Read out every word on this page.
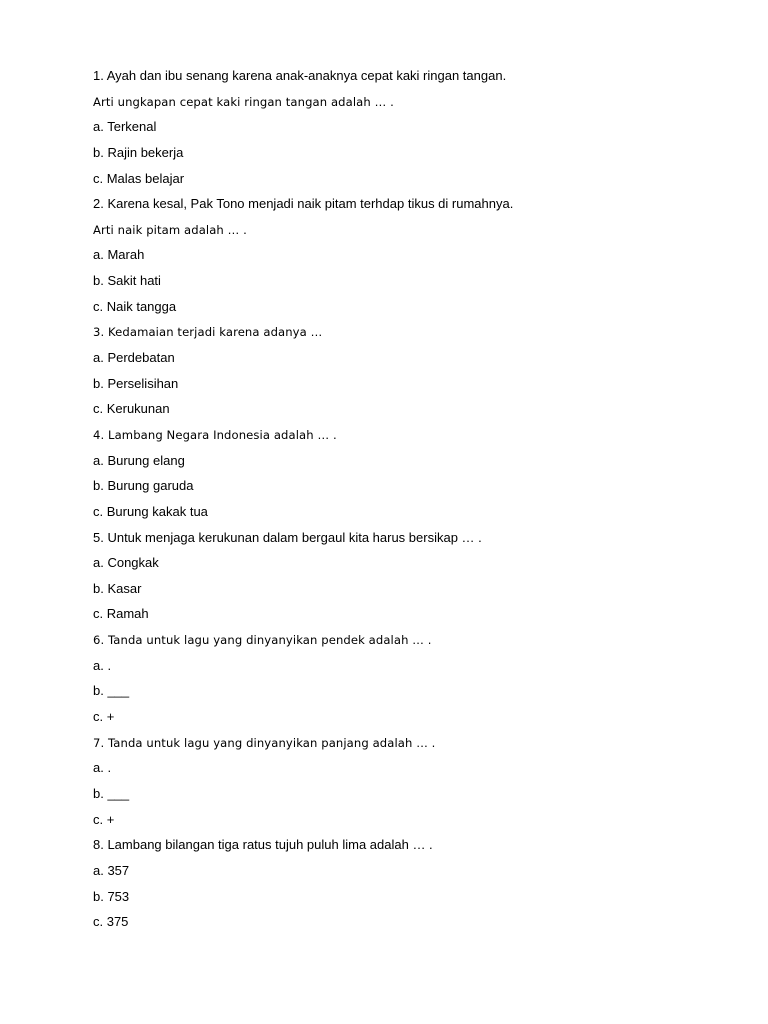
1. Ayah dan ibu senang karena anak-anaknya cepat kaki ringan tangan.
Arti ungkapan cepat kaki ringan tangan adalah … .
a. Terkenal
b. Rajin bekerja
c. Malas belajar
2. Karena kesal, Pak Tono menjadi naik pitam terhdap tikus di rumahnya.
Arti naik pitam adalah … .
a. Marah
b. Sakit hati
c. Naik tangga
3. Kedamaian terjadi karena adanya …
a. Perdebatan
b. Perselisihan
c. Kerukunan
4. Lambang Negara Indonesia adalah … .
a. Burung elang
b. Burung garuda
c. Burung kakak tua
5. Untuk menjaga kerukunan dalam bergaul kita harus bersikap … .
a. Congkak
b. Kasar
c. Ramah
6. Tanda untuk lagu yang dinyanyikan pendek adalah … .
a. .
b. ___
c. +
7. Tanda untuk lagu yang dinyanyikan panjang adalah … .
a. .
b. ___
c. +
8. Lambang bilangan tiga ratus tujuh puluh lima adalah … .
a. 357
b. 753
c. 375
